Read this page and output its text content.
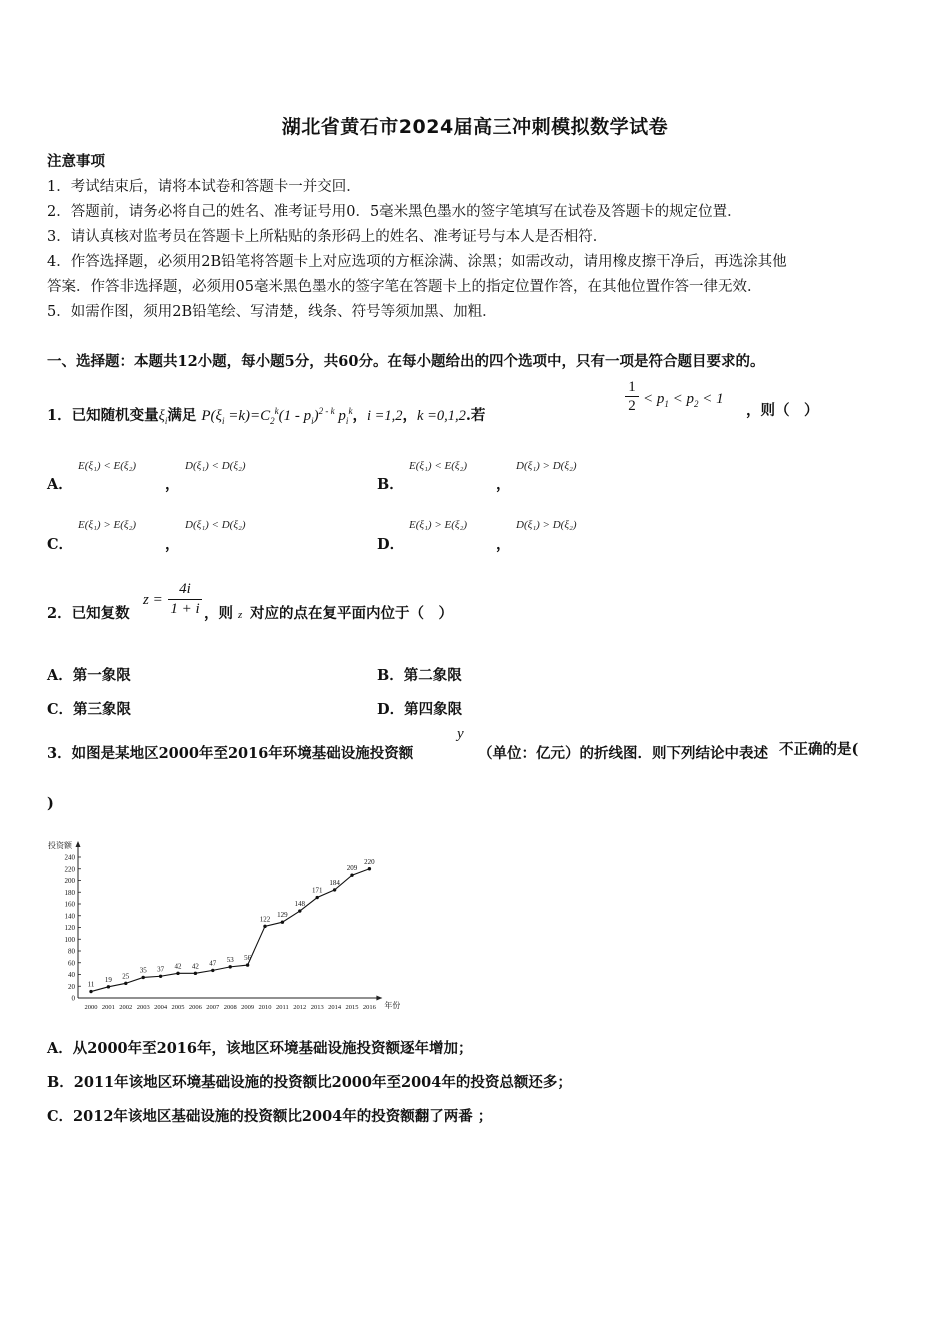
湖北省黄石市2024届高三冲刺模拟数学试卷
注意事项
1．考试结束后，请将本试卷和答题卡一并交回．
2．答题前，请务必将自己的姓名、准考证号用0．5毫米黑色墨水的签字笔填写在试卷及答题卡的规定位置．
3．请认真核对监考员在答题卡上所粘贴的条形码上的姓名、准考证号与本人是否相符．
4．作答选择题，必须用2B铅笔将答题卡上对应选项的方框涂满、涂黑；如需改动，请用橡皮擦干净后，再选涂其他
答案．作答非选择题，必须用05毫米黑色墨水的签字笔在答题卡上的指定位置作答，在其他位置作答一律无效．
5．如需作图，须用2B铅笔绘、写清楚，线条、符号等须加黑、加粗．
一、选择题：本题共12小题，每小题5分，共60分。在每小题给出的四个选项中，只有一项是符合题目要求的。
1．已知随机变量$\xi_i$满足 $P(\xi_i =k)=C_2^k(1 - p_i)^{2 - k}$ $p_i^k$，i =1,2，k =0,1,2.若
1
$2 < p_1 < p_2 < 1$
，则（　）
A．
E(ξ₁) < E(ξ₂)
，
D(ξ₁) < D(ξ₂)
B．
E(ξ₁) < E(ξ₂)
，
D(ξ₁) > D(ξ₂)
C．
E(ξ₁) > E(ξ₂)
，
D(ξ₁) < D(ξ₂)
D．
E(ξ₁) > E(ξ₂)
，
D(ξ₁) > D(ξ₂)
2．已知复数
z =
4i
1 + i ，则 z 对应的点在复平面内位于（　）
A．第一象限	B．第二象限
C．第三象限	D．第四象限
3．如图是某地区2000年至2016年环境基础设施投资额
y
（单位：亿元）的折线图．则下列结论中表述 不正确的是(
)
投资额
年份
0
20
40
60
80
100
120
140
160
180
200
220
240
2000 2001 2002 2003 2004 2005 2006 2007 2008 2009 2010 2011 2012 2013 2014 2015 2016
11
19 25
35 37 42 42 47 53 56
122
129
148
171
184
209
220
A．从2000年至2016年，该地区环境基础设施投资额逐年增加；
B．2011年该地区环境基础设施的投资额比2000年至2004年的投资总额还多；
C．2012年该地区基础设施的投资额比2004年的投资额翻了两番 ；
